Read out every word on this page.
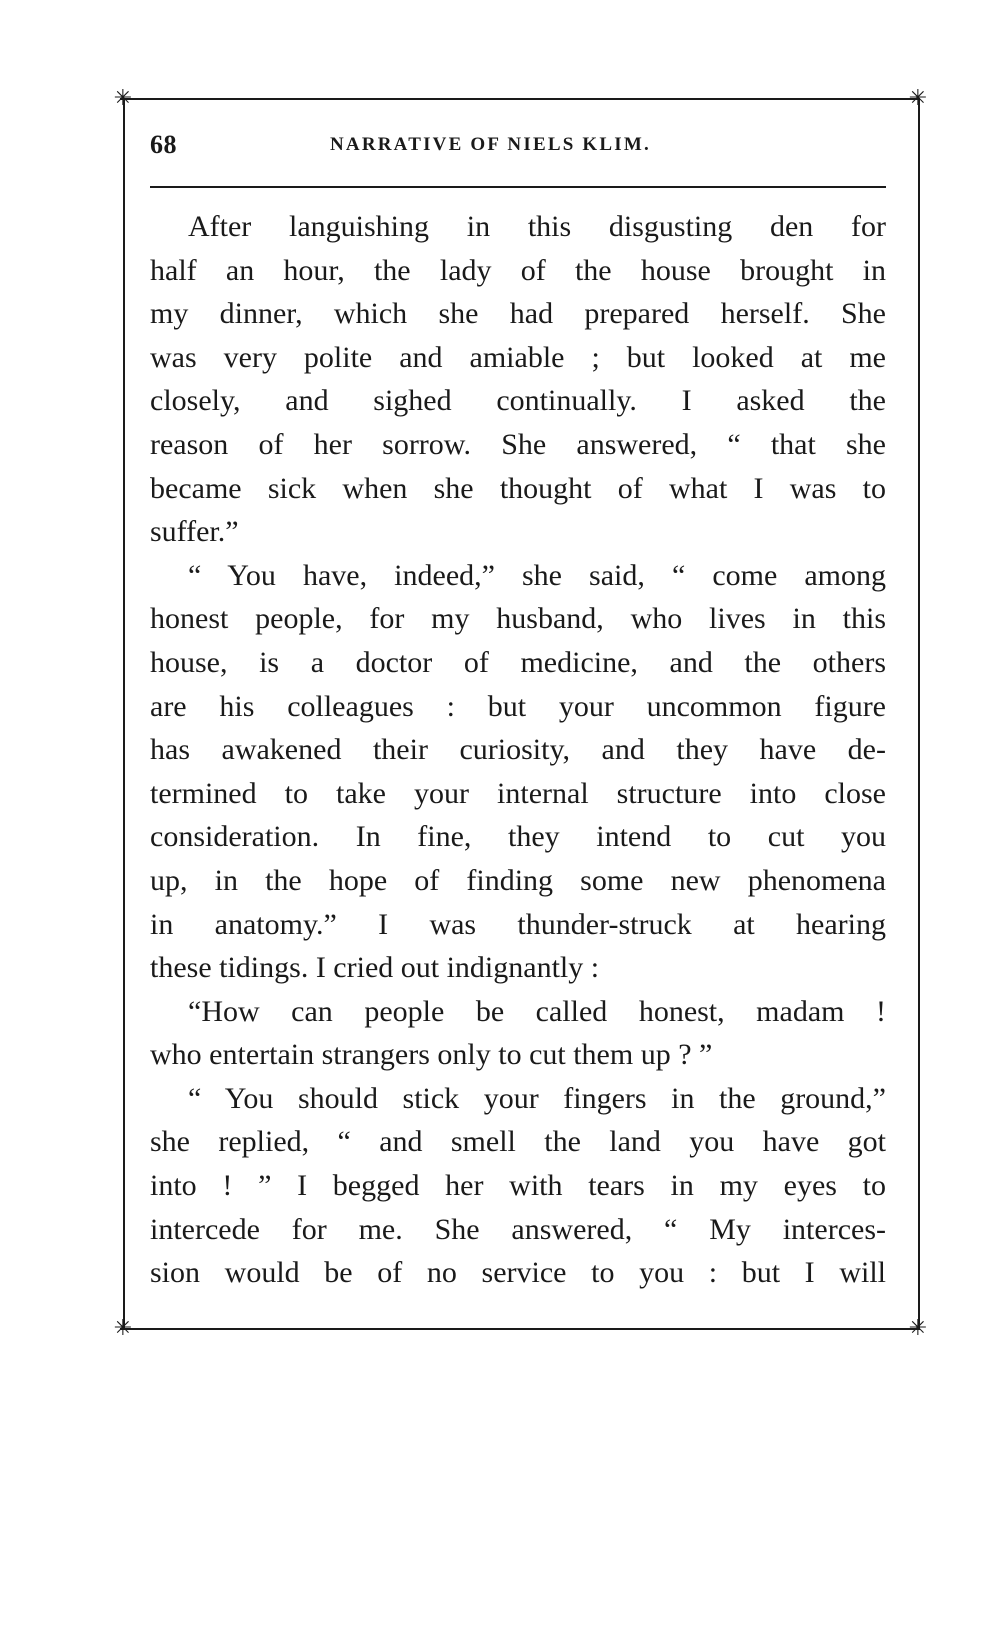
✳	✳
✳	✳
68	NARRATIVE OF NIELS KLIM.
After languishing in this disgusting den for
half an hour, the lady of the house brought in
my dinner, which she had prepared herself. She
was very polite and amiable ; but looked at me
closely, and sighed continually. I asked the
reason of her sorrow. She answered, “ that she
became sick when she thought of what I was to
suffer.”
“ You have, indeed,” she said, “ come among
honest people, for my husband, who lives in this
house, is a doctor of medicine, and the others
are his colleagues : but your uncommon figure
has awakened their curiosity, and they have de-
termined to take your internal structure into close
consideration. In fine, they intend to cut you
up, in the hope of finding some new phenomena
in anatomy.” I was thunder-struck at hearing
these tidings. I cried out indignantly :
“How can people be called honest, madam !
who entertain strangers only to cut them up ? ”
“ You should stick your fingers in the ground,”
she replied, “ and smell the land you have got
into ! ” I begged her with tears in my eyes to
intercede for me. She answered, “ My interces-
sion would be of no service to you : but I will
